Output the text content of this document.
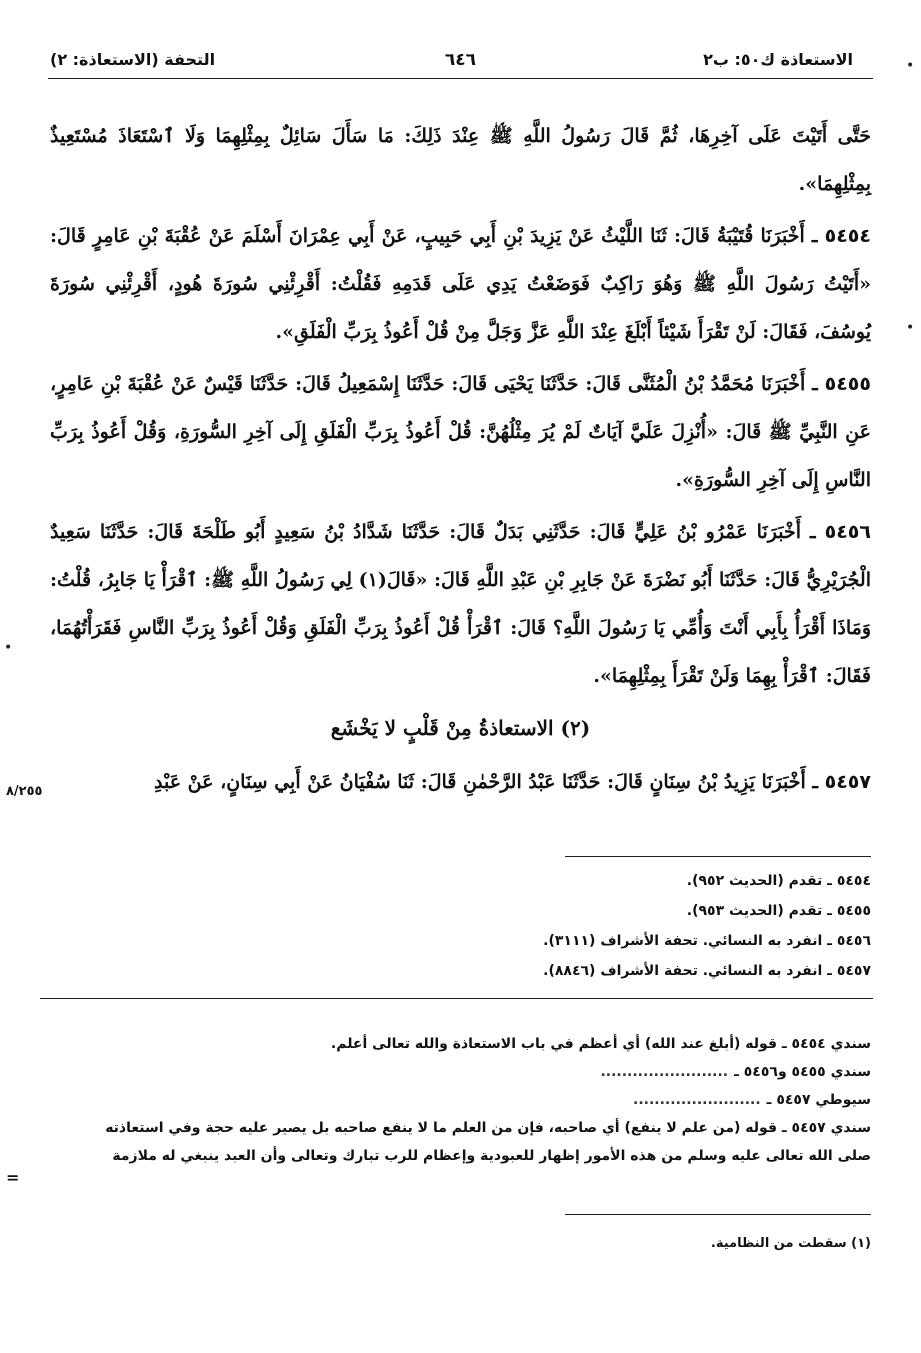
الاستعاذة ك٥٠: ب٢
٦٤٦
التحفة (الاستعاذة: ٢)	•
•
•

حَتَّى أَتَيْتَ عَلَى آخِرِهَا، ثُمَّ قَالَ رَسُولُ اللَّهِ ﷺ عِنْدَ ذَلِكَ: مَا سَأَلَ سَائِلٌ بِمِثْلِهِمَا وَلَا ٱسْتَعَاذَ مُسْتَعِيذٌ بِمِثْلِهِمَا».

٥٤٥٤ ـ أَخْبَرَنَا قُتَيْبَةُ قَالَ: ثَنَا اللَّيْثُ عَنْ يَزِيدَ بْنِ أَبِي حَبِيبٍ، عَنْ أَبِي عِمْرَانَ أَسْلَمَ عَنْ عُقْبَةَ بْنِ عَامِرٍ قَالَ: «أَتَيْتُ رَسُولَ اللَّهِ ﷺ وَهُوَ رَاكِبٌ فَوَضَعْتُ يَدِي عَلَى قَدَمِهِ فَقُلْتُ: أَقْرِئْنِي سُورَةَ هُودٍ، أَقْرِئْنِي سُورَةَ يُوسُفَ، فَقَالَ: لَنْ تَقْرَأَ شَيْئاً أَبْلَغَ عِنْدَ اللَّهِ عَزَّ وَجَلَّ مِنْ قُلْ أَعُوذُ بِرَبِّ الْفَلَقِ».

٥٤٥٥ ـ أَخْبَرَنَا مُحَمَّدُ بْنُ الْمُثَنَّى قَالَ: حَدَّثَنَا يَحْيَى قَالَ: حَدَّثَنَا إِسْمَعِيلُ قَالَ: حَدَّثَنَا قَيْسٌ عَنْ عُقْبَةَ بْنِ عَامِرٍ، عَنِ النَّبِيِّ ﷺ قَالَ: «أُنْزِلَ عَلَيَّ آيَاتٌ لَمْ يُرَ مِثْلُهُنَّ: قُلْ أَعُوذُ بِرَبِّ الْفَلَقِ إِلَى آخِرِ السُّورَةِ، وَقُلْ أَعُوذُ بِرَبِّ النَّاسِ إِلَى آخِرِ السُّورَةِ».

٥٤٥٦ ـ أَخْبَرَنَا عَمْرُو بْنُ عَلِيٍّ قَالَ: حَدَّثَنِي بَدَلٌ قَالَ: حَدَّثَنَا شَدَّادُ بْنُ سَعِيدٍ أَبُو طَلْحَةَ قَالَ: حَدَّثَنَا سَعِيدٌ الْجُرَيْرِيُّ قَالَ: حَدَّثَنَا أَبُو نَضْرَةَ عَنْ جَابِرِ بْنِ عَبْدِ اللَّهِ قَالَ: «قَالَ(١) لِي رَسُولُ اللَّهِ ﷺ: ٱقْرَأْ يَا جَابِرُ، قُلْتُ: وَمَاذَا أَقْرَأُ بِأَبِي أَنْتَ وَأُمِّي يَا رَسُولَ اللَّهِ؟ قَالَ: ٱقْرَأْ قُلْ أَعُوذُ بِرَبِّ الْفَلَقِ وَقُلْ أَعُوذُ بِرَبِّ النَّاسِ فَقَرَأْتُهُمَا، فَقَالَ: ٱقْرَأْ بِهِمَا وَلَنْ تَقْرَأَ بِمِثْلِهِمَا».

(٢) الاستعاذةُ مِنْ قَلْبٍ لا يَخْشَع

٥٤٥٧ ـ أَخْبَرَنَا يَزِيدُ بْنُ سِنَانٍ قَالَ: حَدَّثَنَا عَبْدُ الرَّحْمٰنِ قَالَ: ثَنَا سُفْيَانُ عَنْ أَبِي سِنَانٍ، عَنْ عَبْدِ

٨/٢٥٥
٥٤٥٤ ـ تقدم (الحديث ٩٥٢).
٥٤٥٥ ـ تقدم (الحديث ٩٥٣).
٥٤٥٦ ـ انفرد به النسائي. تحفة الأشراف (٣١١١).
٥٤٥٧ ـ انفرد به النسائي. تحفة الأشراف (٨٨٤٦).
سندي ٥٤٥٤ ـ قوله (أبلغ عند الله) أي أعظم في باب الاستعاذة والله تعالى أعلم.
سندي ٥٤٥٥ و٥٤٥٦ ـ........................
سيوطي ٥٤٥٧ ـ........................
سندي ٥٤٥٧ ـ قوله (من علم لا ينفع) أي صاحبه، فإن من العلم ما لا ينفع صاحبه بل يصير عليه حجة وفي استعاذته
صلى الله تعالى عليه وسلم من هذه الأمور إظهار للعبودية وإعظام للرب تبارك وتعالى وأن العبد ينبغي له ملازمة
=
(١) سقطت من النظامية.
